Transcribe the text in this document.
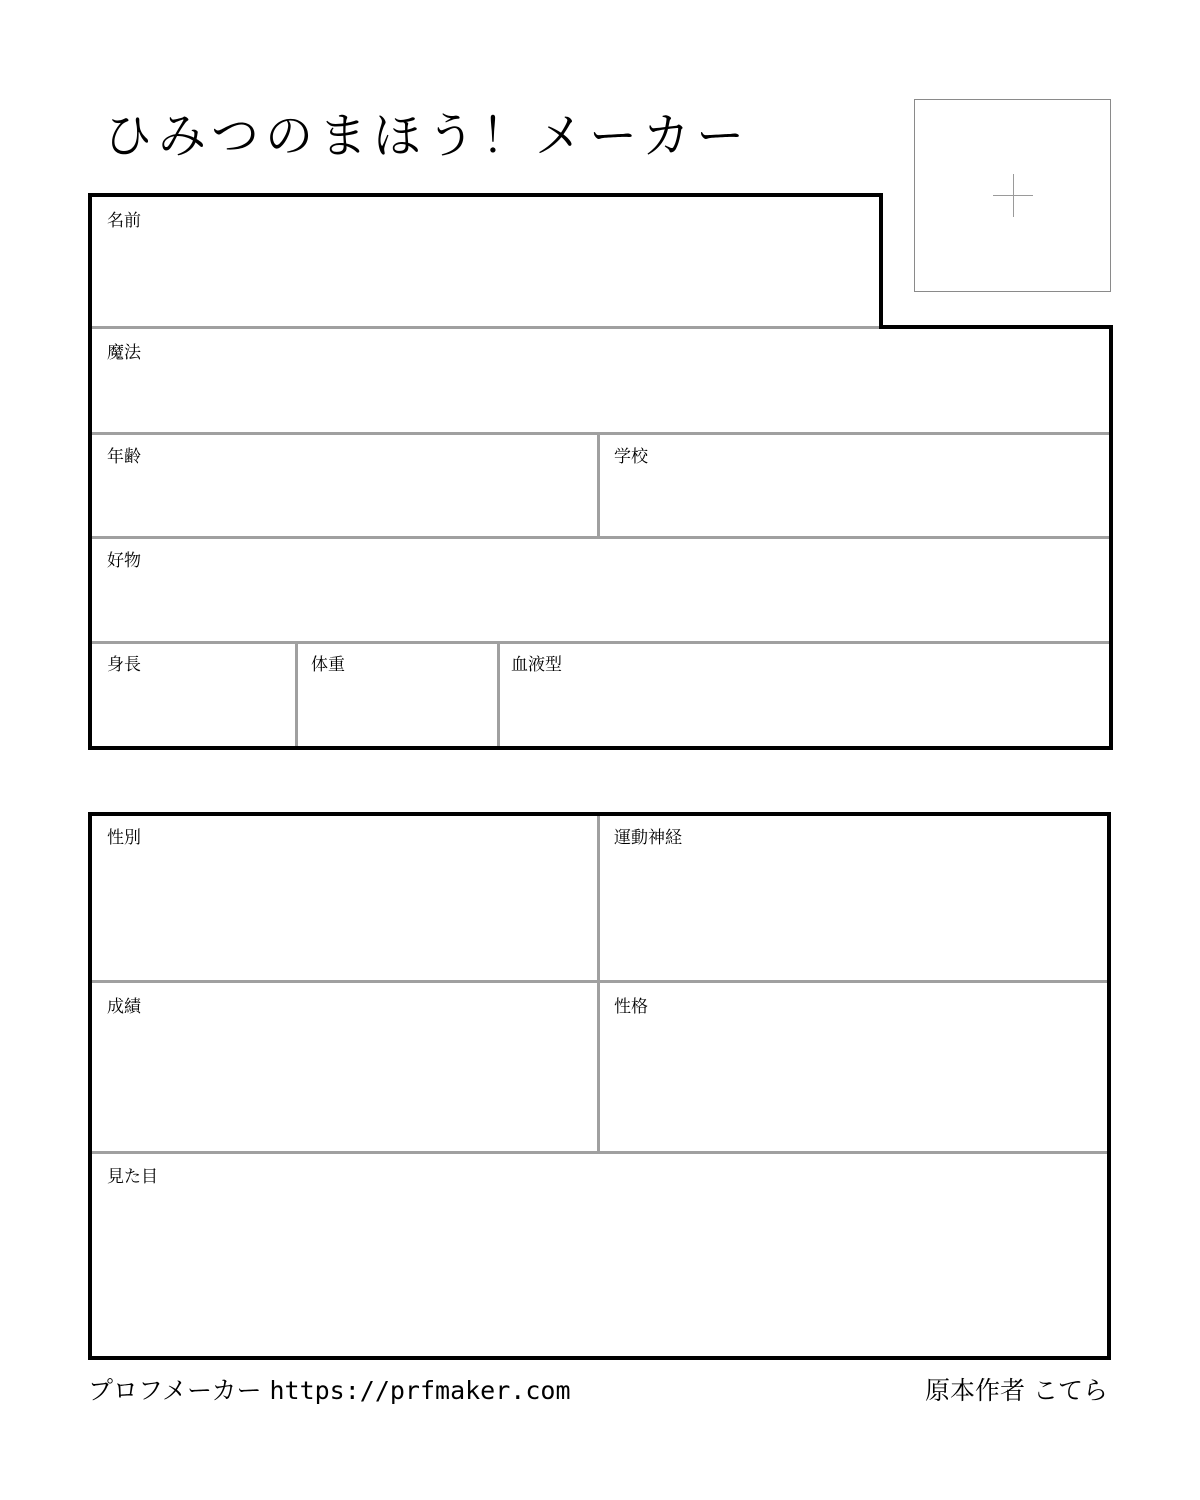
ひみつのまほう！メーカー
名前
魔法
年齢	学校
好物
身長	体重	血液型
性別	運動神経
成績	性格
見た目
プロフメーカー https://prfmaker.com	原本作者 こてら
